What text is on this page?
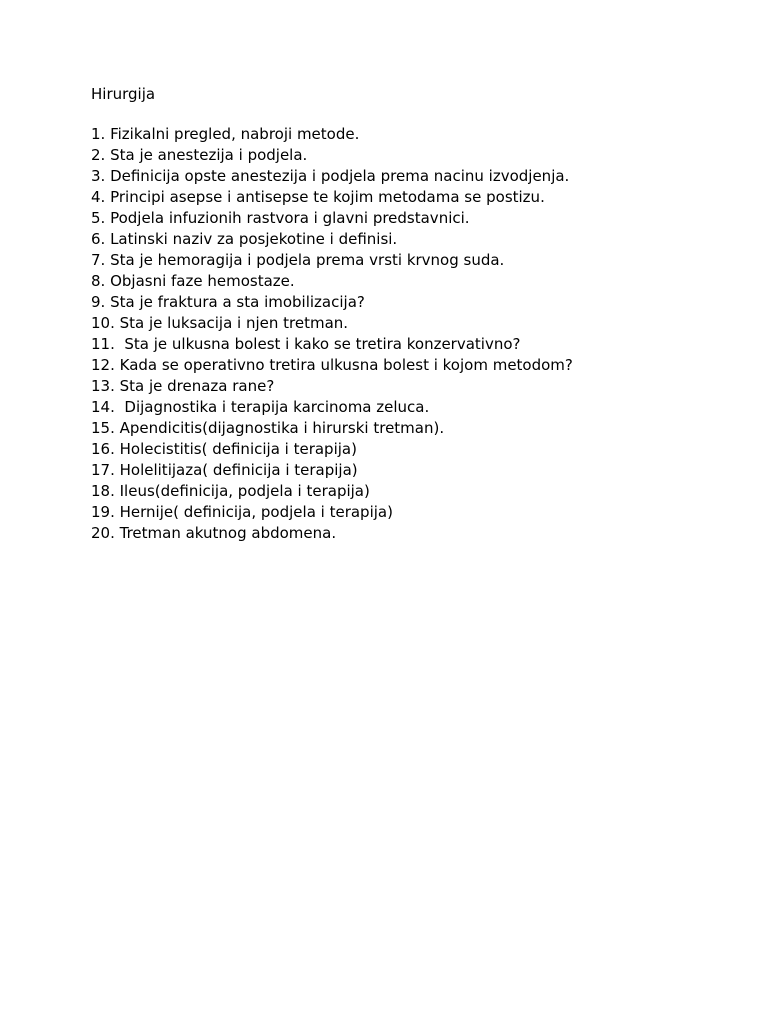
Hirurgija
1. Fizikalni pregled, nabroji metode.
2. Sta je anestezija i podjela.
3. Definicija opste anestezija i podjela prema nacinu izvodjenja.
4. Principi asepse i antisepse te kojim metodama se postizu.
5. Podjela infuzionih rastvora i glavni predstavnici.
6. Latinski naziv za posjekotine i definisi.
7. Sta je hemoragija i podjela prema vrsti krvnog suda.
8. Objasni faze hemostaze.
9. Sta je fraktura a sta imobilizacija?
10. Sta je luksacija i njen tretman.
11.  Sta je ulkusna bolest i kako se tretira konzervativno?
12. Kada se operativno tretira ulkusna bolest i kojom metodom?
13. Sta je drenaza rane?
14.  Dijagnostika i terapija karcinoma zeluca.
15. Apendicitis(dijagnostika i hirurski tretman).
16. Holecistitis( definicija i terapija)
17. Holelitijaza( definicija i terapija)
18. Ileus(definicija, podjela i terapija)
19. Hernije( definicija, podjela i terapija)
20. Tretman akutnog abdomena.
